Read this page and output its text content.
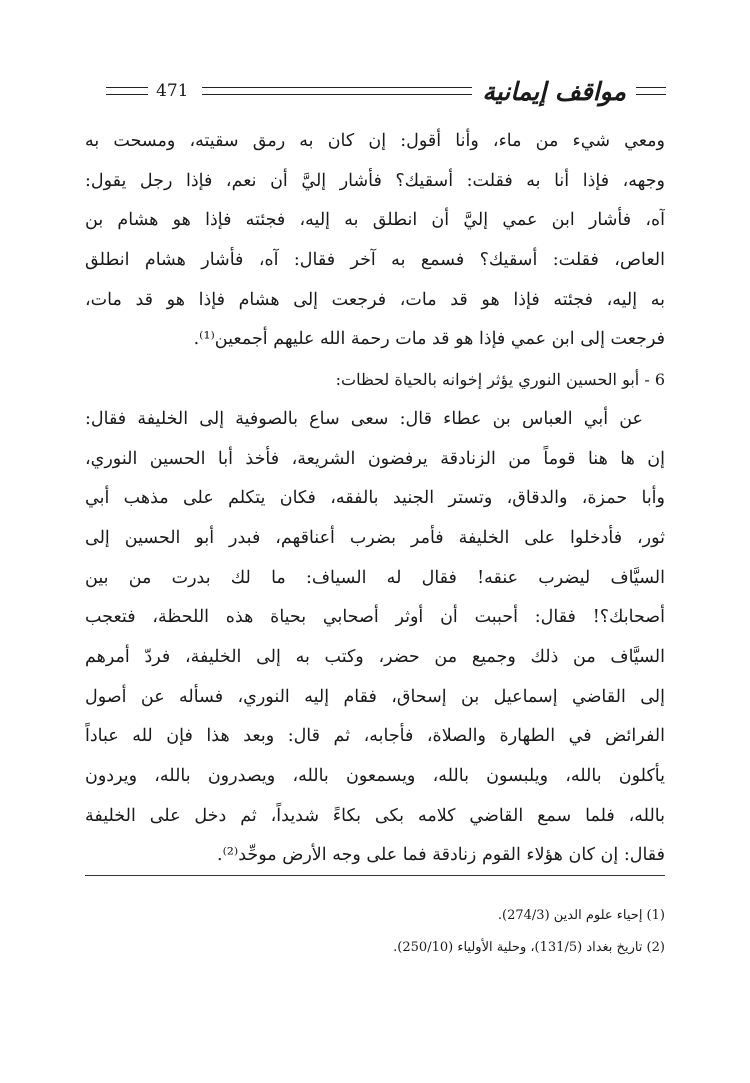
471	مواقف إيمانية
ومعي شيء من ماء، وأنا أقول: إن كان به رمق سقيته، ومسحت به
وجهه، فإذا أنا به فقلت: أسقيك؟ فأشار إليَّ أن نعم، فإذا رجل يقول:
آه، فأشار ابن عمي إليَّ أن انطلق به إليه، فجئته فإذا هو هشام بن
العاص، فقلت: أسقيك؟ فسمع به آخر فقال: آه، فأشار هشام انطلق
به إليه، فجئته فإذا هو قد مات، فرجعت إلى هشام فإذا هو قد مات،
فرجعت إلى ابن عمي فإذا هو قد مات رحمة الله عليهم أجمعين⁽¹⁾.
6 - أبو الحسين النوري يؤثر إخوانه بالحياة لحظات:
عن أبي العباس بن عطاء قال: سعى ساع بالصوفية إلى الخليفة فقال:
إن ها هنا قوماً من الزنادقة يرفضون الشريعة، فأخذ أبا الحسين النوري،
وأبا حمزة، والدقاق، وتستر الجنيد بالفقه، فكان يتكلم على مذهب أبي
ثور، فأدخلوا على الخليفة فأمر بضرب أعناقهم، فبدر أبو الحسين إلى
السيَّاف ليضرب عنقه! فقال له السياف: ما لك بدرت من بين
أصحابك؟! فقال: أحببت أن أوثر أصحابي بحياة هذه اللحظة، فتعجب
السيَّاف من ذلك وجميع من حضر، وكتب به إلى الخليفة، فردّ أمرهم
إلى القاضي إسماعيل بن إسحاق، فقام إليه النوري، فسأله عن أصول
الفرائض في الطهارة والصلاة، فأجابه، ثم قال: وبعد هذا فإن لله عباداً
يأكلون بالله، ويلبسون بالله، ويسمعون بالله، ويصدرون بالله، ويردون
بالله، فلما سمع القاضي كلامه بكى بكاءً شديداً، ثم دخل على الخليفة
فقال: إن كان هؤلاء القوم زنادقة فما على وجه الأرض موحِّد⁽²⁾.
(1) إحياء علوم الدين (274/3).
(2) تاريخ بغداد (131/5)، وحلية الأولياء (250/10).
